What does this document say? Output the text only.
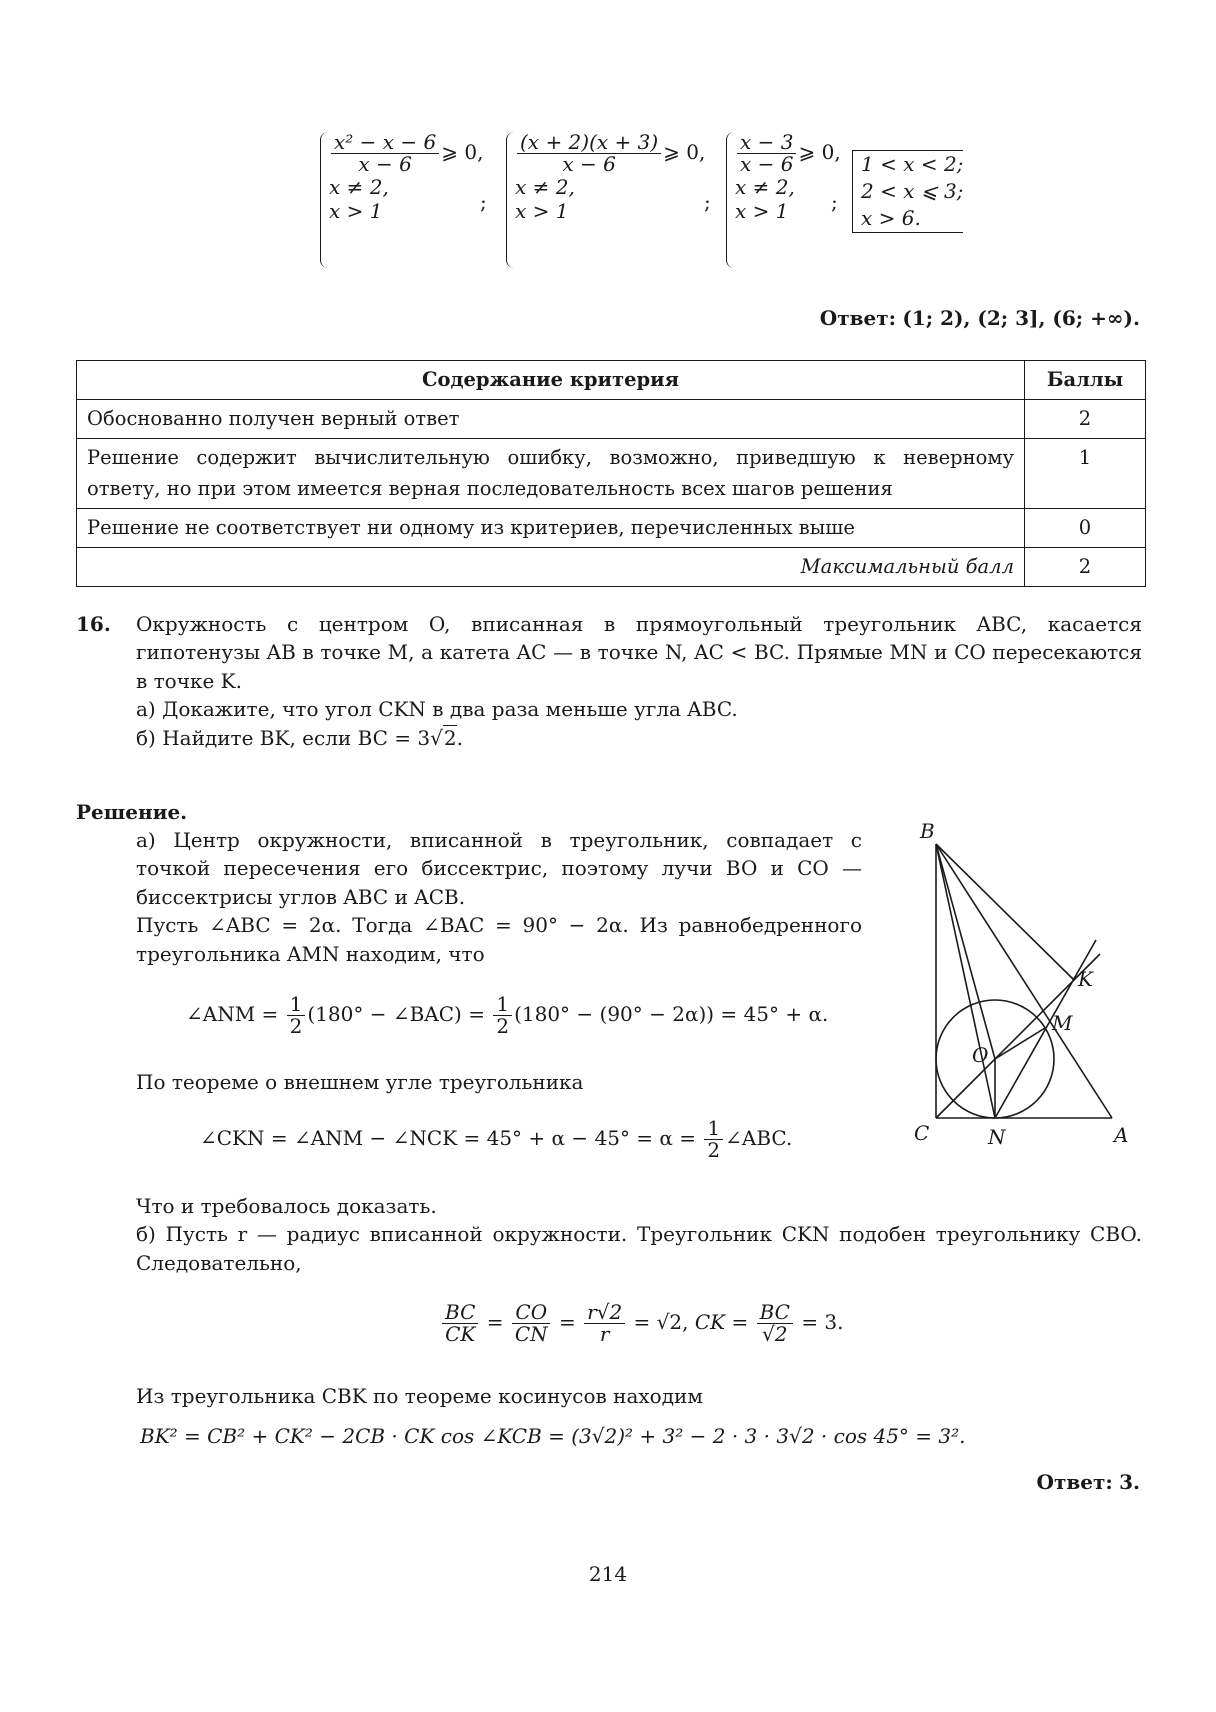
$\frac{\text{x² − x − 6}}{x - 6}$ ⩾ 0,
x ≠ 2,
x > 1	;
$\frac{(x + 2)(x + 3)}{x - 6}$ ⩾ 0,
x ≠ 2,
x > 1	;
$\frac{x - 3}{x - 6}$ ⩾ 0,
x ≠ 2,
x > 1	;
1 < x < 2;
2 < x ⩽ 3;
x > 6.
Ответ: (1; 2), (2; 3], (6; +∞).
Содержание критерия	Баллы
Обоснованно получен верный ответ	2
Решение содержит вычислительную ошибку, возможно, приведшую к неверному ответу, но при этом имеется верная последовательность всех шагов решения	1
Решение не соответствует ни одному из критериев, перечисленных выше	0
Максимальный балл	2
16. Окружность с центром O, вписанная в прямоугольный треугольник ABC, касается гипотенузы AB в точке M, а катета AC — в точке N, AC < BC. Прямые MN и CO пересекаются в точке K.

а) Докажите, что угол CKN в два раза меньше угла ABC.

б) Найдите BK, если BC = 3√2.

Решение.

а) Центр окружности, вписанной в треугольник, совпадает с точкой пересечения его биссектрис, поэтому лучи BO и CO — биссектрисы углов ABC и ACB.

Пусть ∠ABC = 2α. Тогда ∠BAC = 90° − 2α. Из равнобедренного треугольника AMN находим, что

∠ANM = $\frac{1}{2} (180^\circ$ − ∠BAC) = $\frac{1}{2} (180^\circ - (90^\circ - 2\alpha)) = 45^\circ + \alpha$.
По теореме о внешнем угле треугольника
∠CKN = ∠ANM − ∠NCK = $45^\circ + \alpha - 45^\circ = \alpha = \frac{1}{2}$ ∠ABC.

Что и требовалось доказать.

б) Пусть r — радиус вписанной окружности. Треугольник CKN подобен треугольнику CBO. Следовательно,

$\frac{BC}{CK} = \frac{CO}{CN} = \frac{r√2}{r} = √2$, CK = $\frac{BC}{√2} = 3$.
Из треугольника CBK по теореме косинусов находим
BK² = CB² + CK² − 2CB · CK cos ∠KCB = (3√2)² + 3² − 2 · 3 · 3√2 · cos 45° = 3².
Ответ: 3.
B
C	A
N
M
K
O
214
